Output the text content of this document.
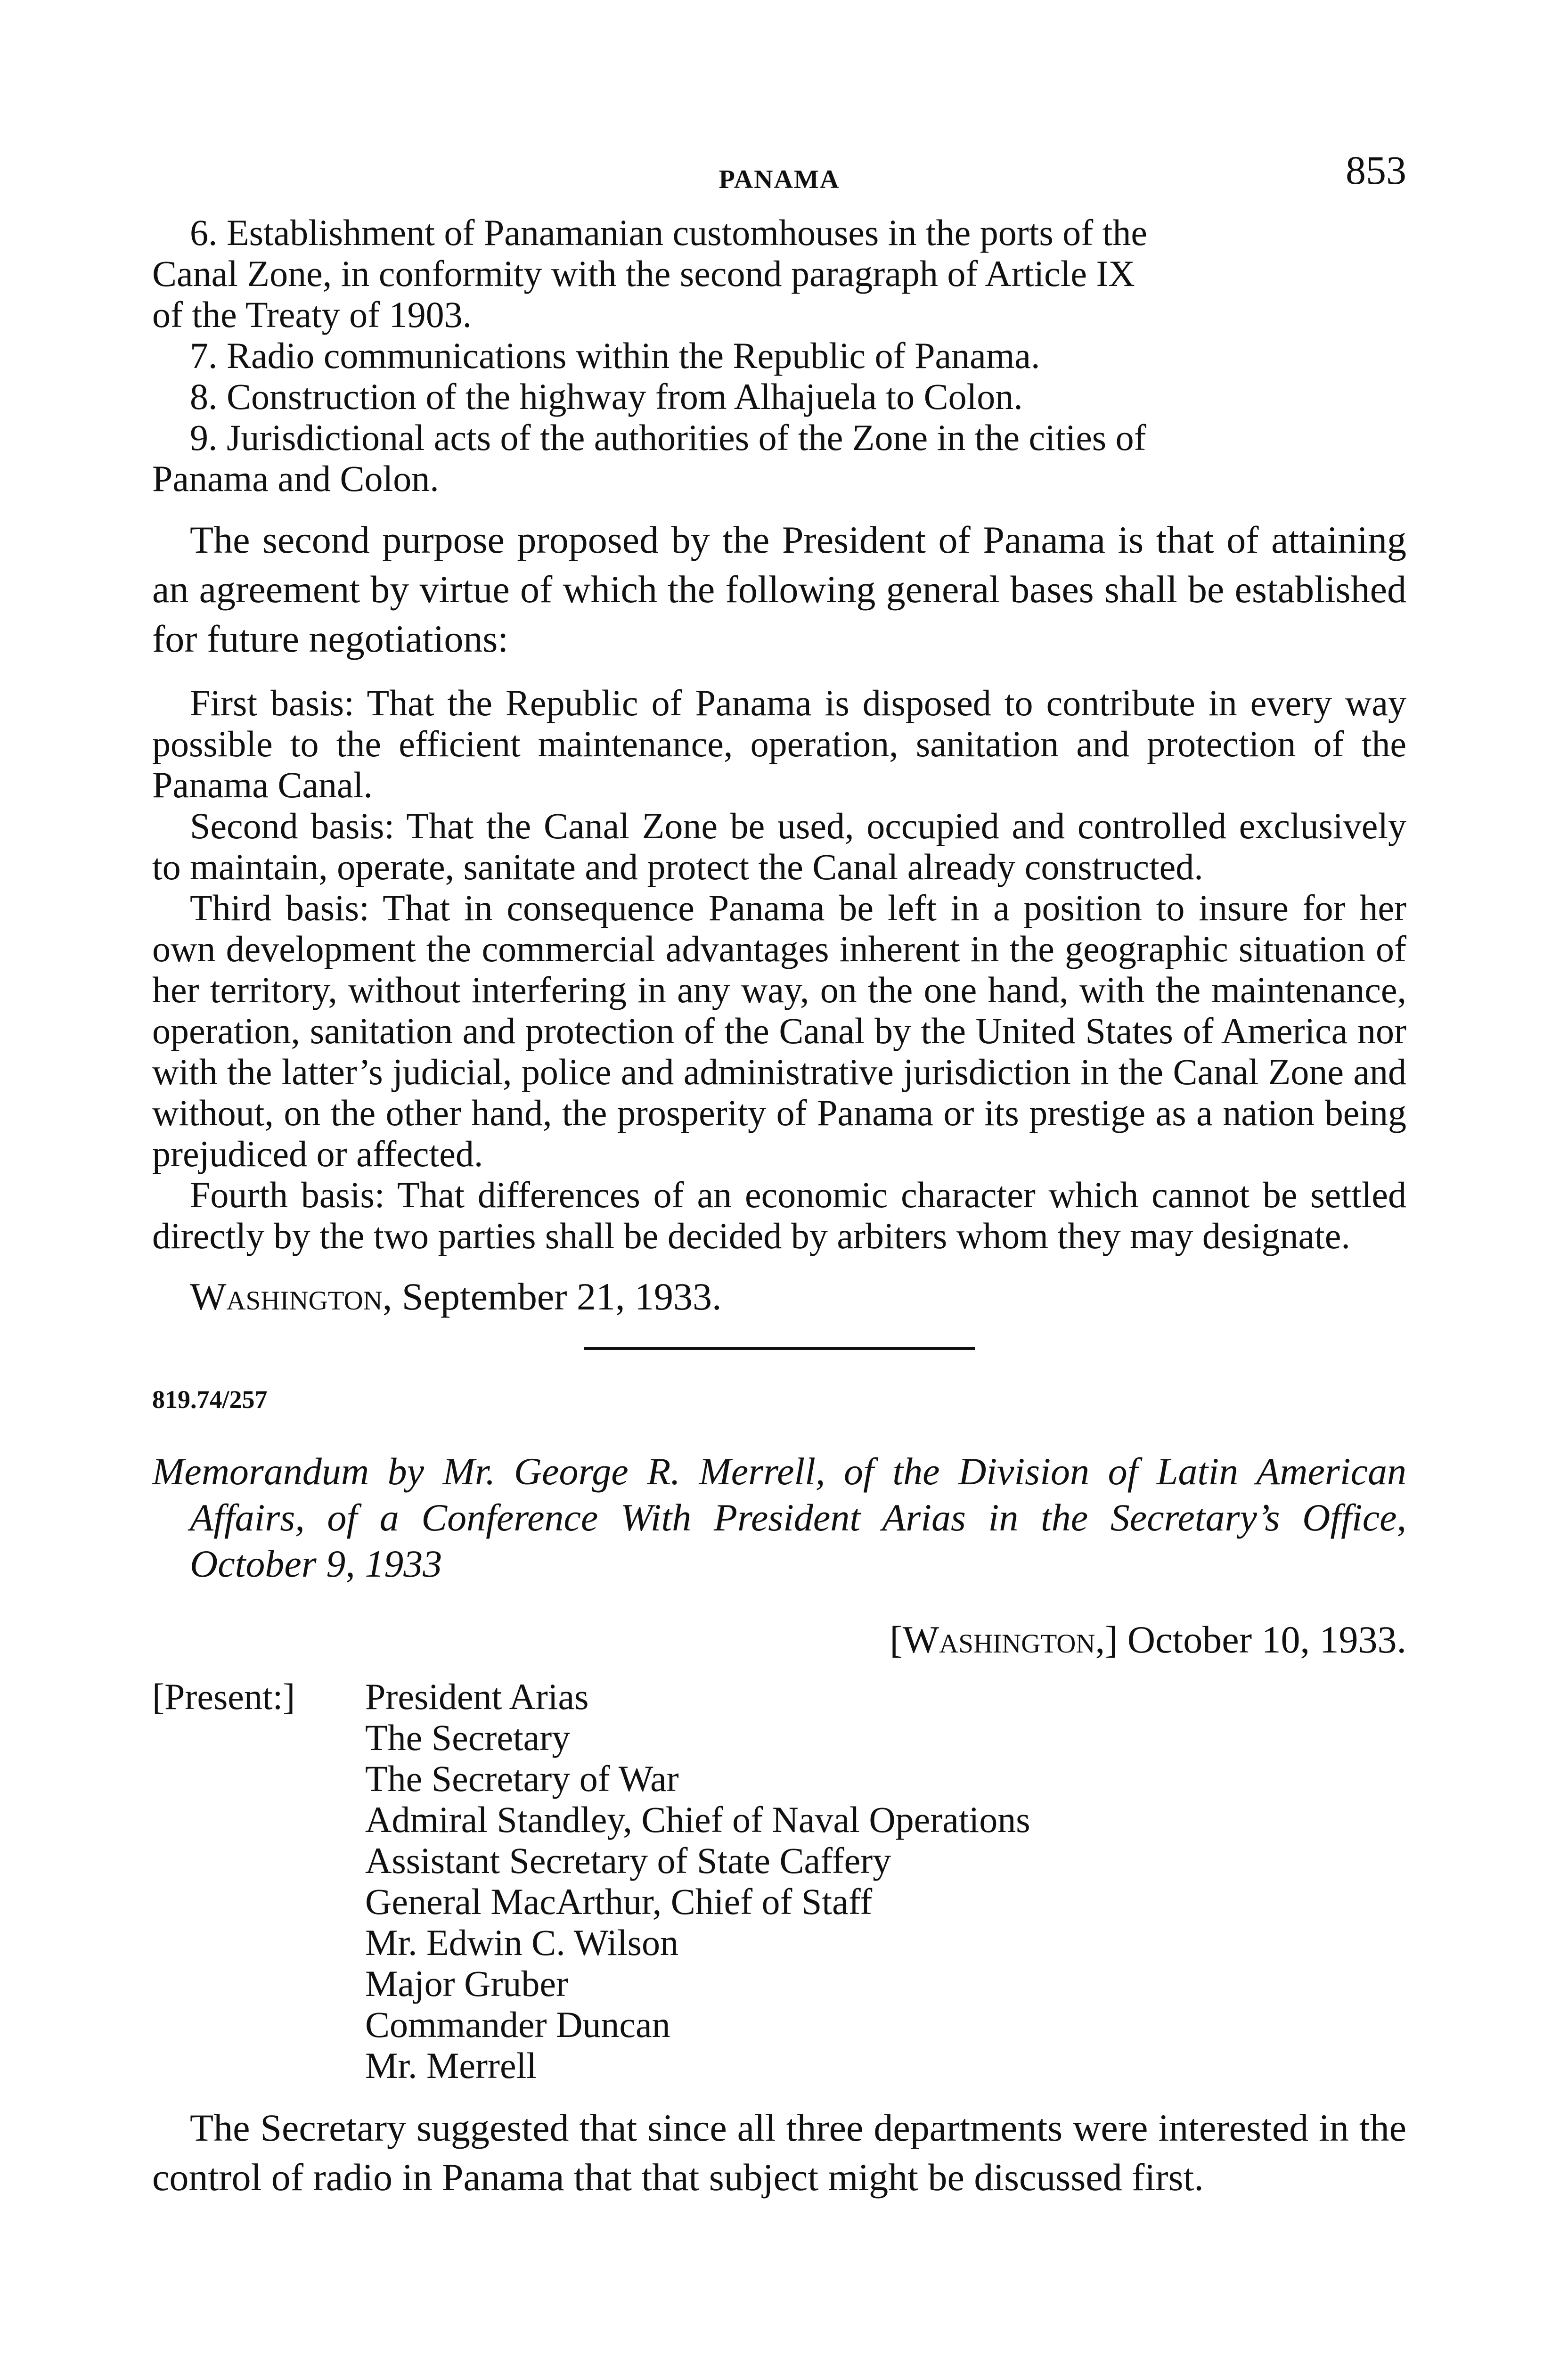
PANAMA	853

6. Establishment of Panamanian customhouses in the ports of the

Canal Zone, in conformity with the second paragraph of Article IX

of the Treaty of 1903.

7. Radio communications within the Republic of Panama.

8. Construction of the highway from Alhajuela to Colon.

9. Jurisdictional acts of the authorities of the Zone in the cities of

Panama and Colon.

The second purpose proposed by the President of Panama is that of attaining an agreement by virtue of which the following general bases shall be established for future negotiations:

First basis: That the Republic of Panama is disposed to contribute in every way possible to the efficient maintenance, operation, sanitation and protection of the Panama Canal.

Second basis: That the Canal Zone be used, occupied and controlled exclusively to maintain, operate, sanitate and protect the Canal already constructed.

Third basis: That in consequence Panama be left in a position to insure for her own development the commercial advantages inherent in the geographic situation of her territory, without interfering in any way, on the one hand, with the maintenance, operation, sanitation and protection of the Canal by the United States of America nor with the latter’s judicial, police and administrative jurisdiction in the Canal Zone and without, on the other hand, the prosperity of Panama or its prestige as a nation being prejudiced or affected.

Fourth basis: That differences of an economic character which cannot be settled directly by the two parties shall be decided by arbiters whom they may designate.

Washington, September 21, 1933.

819.74/257

Memorandum by Mr. George R. Merrell, of the Division of Latin American Affairs, of a Conference With President Arias in the Secretary’s Office, October 9, 1933

[Washington,] October 10, 1933.

[Present:]	President Arias
The Secretary
The Secretary of War
Admiral Standley, Chief of Naval Operations
Assistant Secretary of State Caffery
General MacArthur, Chief of Staff
Mr. Edwin C. Wilson
Major Gruber
Commander Duncan
Mr. Merrell

The Secretary suggested that since all three departments were interested in the control of radio in Panama that that subject might be discussed first.
